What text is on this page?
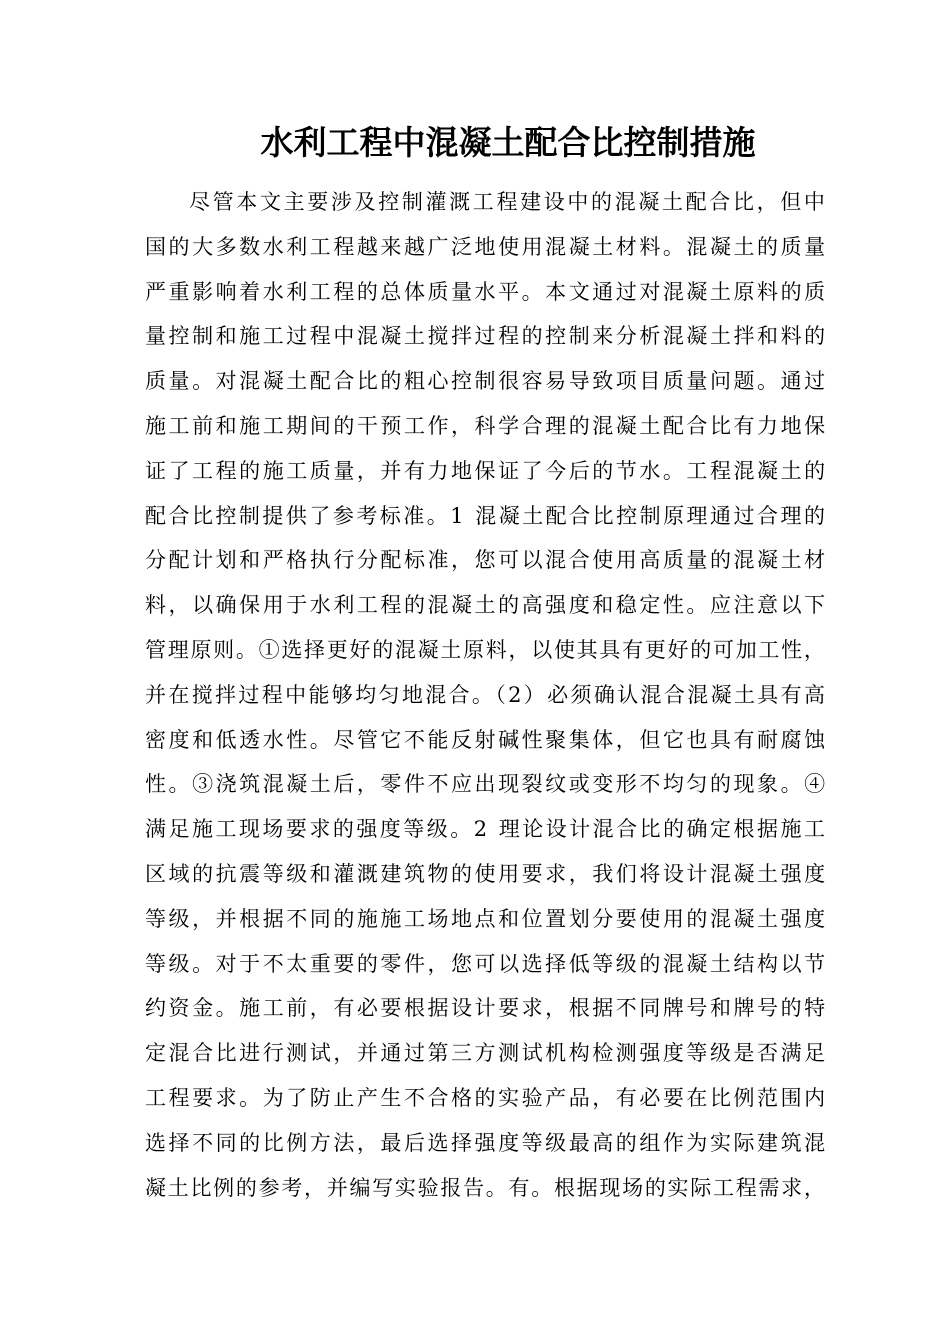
水利工程中混凝土配合比控制措施
尽管本文主要涉及控制灌溉工程建设中的混凝土配合比，但中
国的大多数水利工程越来越广泛地使用混凝土材料。混凝土的质量
严重影响着水利工程的总体质量水平。本文通过对混凝土原料的质
量控制和施工过程中混凝土搅拌过程的控制来分析混凝土拌和料的
质量。对混凝土配合比的粗心控制很容易导致项目质量问题。通过
施工前和施工期间的干预工作，科学合理的混凝土配合比有力地保
证了工程的施工质量，并有力地保证了今后的节水。工程混凝土的
配合比控制提供了参考标准。1 混凝土配合比控制原理通过合理的
分配计划和严格执行分配标准，您可以混合使用高质量的混凝土材
料，以确保用于水利工程的混凝土的高强度和稳定性。应注意以下
管理原则。①选择更好的混凝土原料，以使其具有更好的可加工性，
并在搅拌过程中能够均匀地混合。（2）必须确认混合混凝土具有高
密度和低透水性。尽管它不能反射碱性聚集体，但它也具有耐腐蚀
性。③浇筑混凝土后，零件不应出现裂纹或变形不均匀的现象。④
满足施工现场要求的强度等级。2 理论设计混合比的确定根据施工
区域的抗震等级和灌溉建筑物的使用要求，我们将设计混凝土强度
等级，并根据不同的施施工场地点和位置划分要使用的混凝土强度
等级。对于不太重要的零件，您可以选择低等级的混凝土结构以节
约资金。施工前，有必要根据设计要求，根据不同牌号和牌号的特
定混合比进行测试，并通过第三方测试机构检测强度等级是否满足
工程要求。为了防止产生不合格的实验产品，有必要在比例范围内
选择不同的比例方法，最后选择强度等级最高的组作为实际建筑混
凝土比例的参考，并编写实验报告。有。根据现场的实际工程需求，
